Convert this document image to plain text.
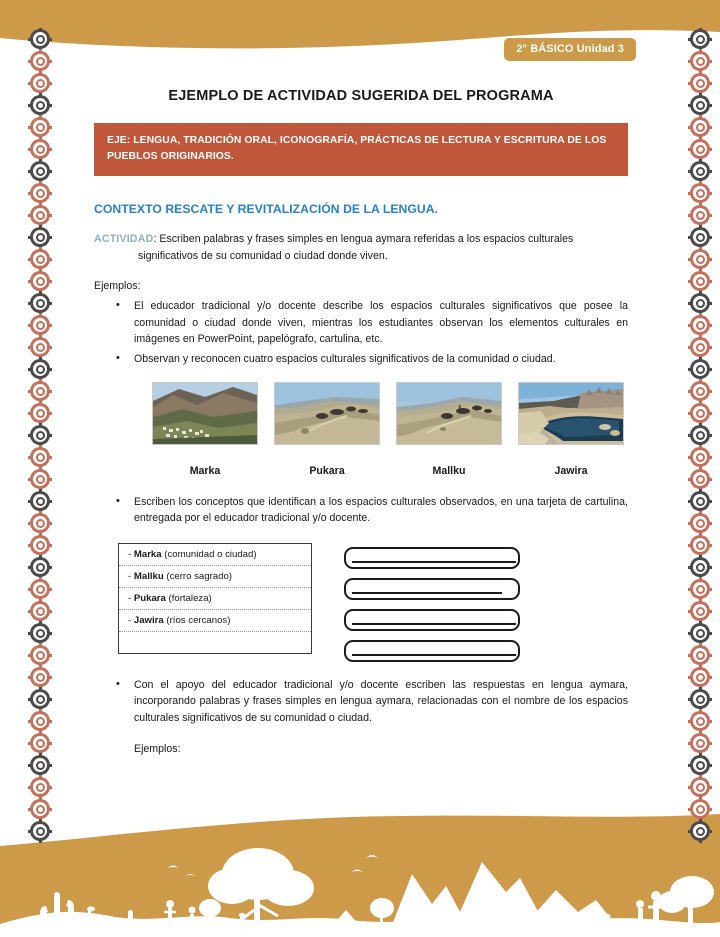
2° BÁSICO Unidad 3
EJEMPLO DE ACTIVIDAD SUGERIDA DEL PROGRAMA
EJE: LENGUA, TRADICIÓN ORAL, ICONOGRAFÍA, PRÁCTICAS DE LECTURA Y ESCRITURA DE LOS PUEBLOS ORIGINARIOS.
CONTEXTO RESCATE Y REVITALIZACIÓN DE LA LENGUA.
ACTIVIDAD: Escriben palabras y frases simples en lengua aymara referidas a los espacios culturales
significativos de su comunidad o ciudad donde viven.
Ejemplos:
• El educador tradicional y/o docente describe los espacios culturales significativos que posee la comunidad o ciudad donde viven, mientras los estudiantes observan los elementos culturales en imágenes en PowerPoint, papelógrafo, cartulina, etc.
• Observan y reconocen cuatro espacios culturales significativos de la comunidad o ciudad.
Marka	Pukara	Mallku	Jawira
• Escriben los conceptos que identifican a los espacios culturales observados, en una tarjeta de cartulina, entregada por el educador tradicional y/o docente.
- Marka (comunidad o ciudad)
- Mallku (cerro sagrado)
- Pukara (fortaleza)
- Jawira (ríos cercanos)

• Con el apoyo del educador tradicional y/o docente escriben las respuestas en lengua aymara, incorporando palabras y frases simples en lengua aymara, relacionadas con el nombre de los espacios culturales significativos de su comunidad o ciudad.
Ejemplos:
